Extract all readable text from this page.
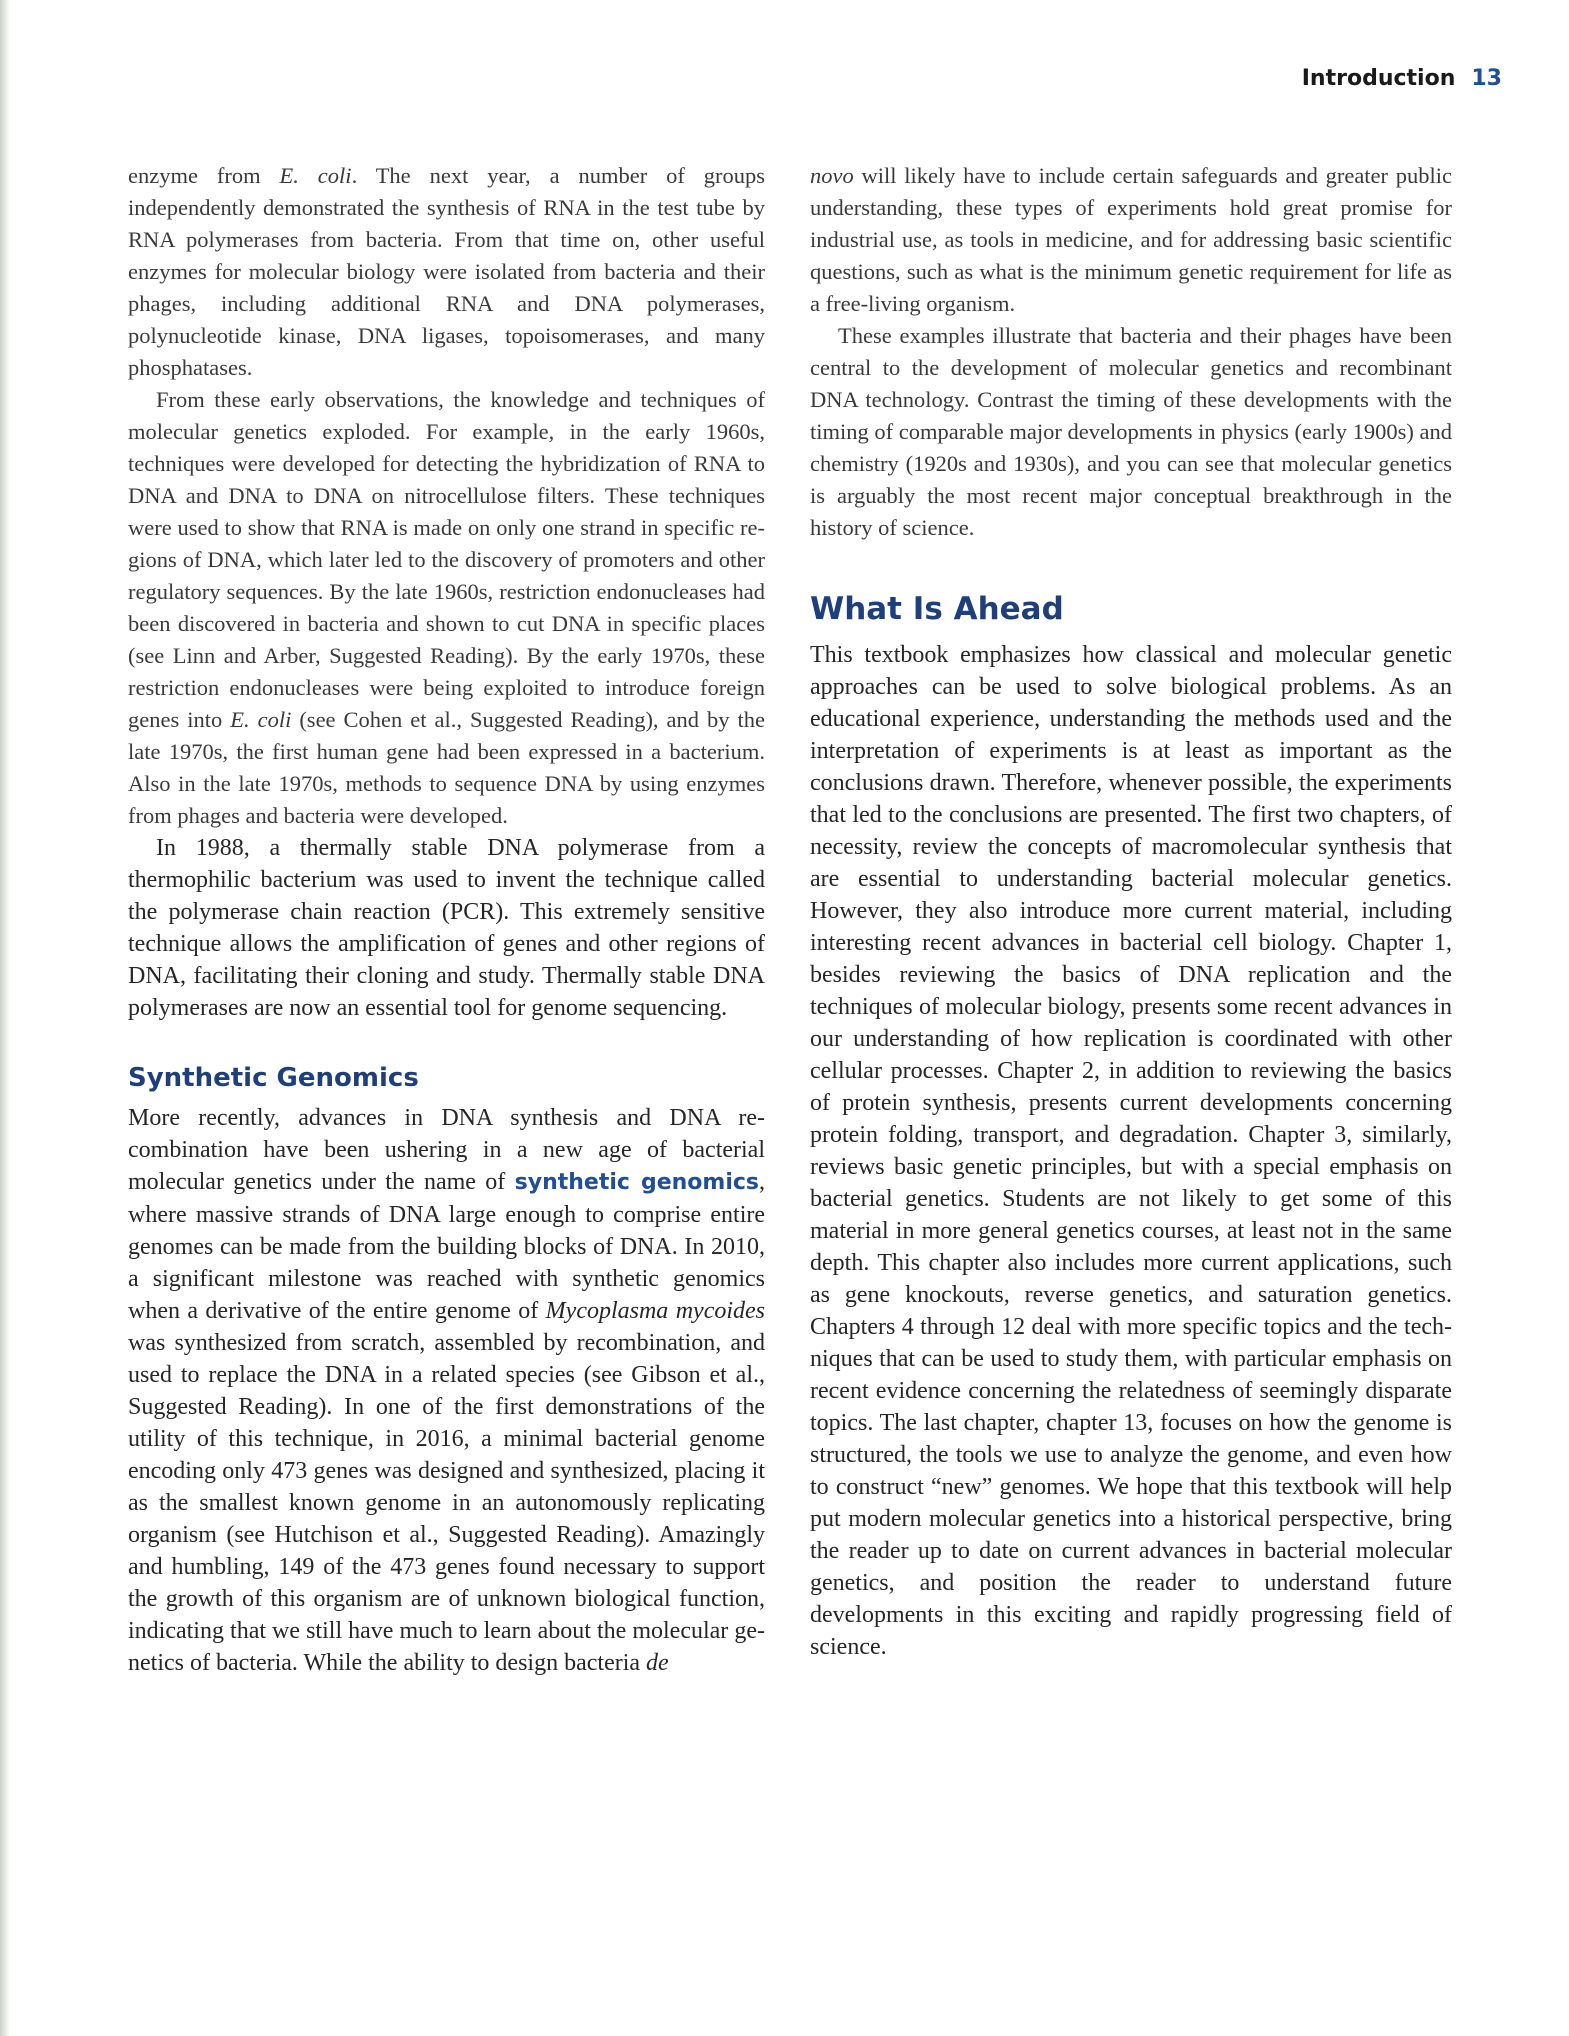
Introduction 13

enzyme from E. coli. The next year, a number of groups independently demonstrated the synthesis of RNA in the test tube by RNA polymerases from bacteria. From that time on, other useful enzymes for molecular biology were isolated from bacteria and their phages, including additional RNA and DNA polymerases, polynucleotide kinase, DNA ligases, topoisomerases, and many phosphatases.

From these early observations, the knowledge and techniques of molecular genetics exploded. For example, in the early 1960s, techniques were developed for detecting the hybridization of RNA to DNA and DNA to DNA on nitrocellulose filters. These techniques were used to show that RNA is made on only one strand in specific regions of DNA, which later led to the discovery of promoters and other regulatory sequences. By the late 1960s, restriction endonucleases had been discovered in bacteria and shown to cut DNA in specific places (see Linn and Arber, Suggested Reading). By the early 1970s, these restriction endonucleases were being exploited to introduce foreign genes into E. coli (see Cohen et al., Suggested Reading), and by the late 1970s, the first human gene had been expressed in a bacterium. Also in the late 1970s, methods to sequence DNA by using enzymes from phages and bacteria were developed.

In 1988, a thermally stable DNA polymerase from a thermophilic bacterium was used to invent the technique called the polymerase chain reaction (PCR). This extremely sensitive technique allows the amplification of genes and other regions of DNA, facilitating their cloning and study. Thermally stable DNA polymerases are now an essential tool for genome sequencing.

Synthetic Genomics

More recently, advances in DNA synthesis and DNA recombination have been ushering in a new age of bacterial molecular genetics under the name of synthetic genomics, where massive strands of DNA large enough to comprise entire genomes can be made from the building blocks of DNA. In 2010, a significant milestone was reached with synthetic genomics when a derivative of the entire genome of Mycoplasma mycoides was synthesized from scratch, assembled by recombination, and used to replace the DNA in a related species (see Gibson et al., Suggested Reading). In one of the first demonstrations of the utility of this technique, in 2016, a minimal bacterial genome encoding only 473 genes was designed and synthesized, placing it as the smallest known genome in an autonomously replicating organism (see Hutchison et al., Suggested Reading). Amazingly and humbling, 149 of the 473 genes found necessary to support the growth of this organism are of unknown biological function, indicating that we still have much to learn about the molecular genetics of bacteria. While the ability to design bacteria de

novo will likely have to include certain safeguards and greater public understanding, these types of experiments hold great promise for industrial use, as tools in medicine, and for addressing basic scientific questions, such as what is the minimum genetic requirement for life as a free-living organism.

These examples illustrate that bacteria and their phages have been central to the development of molecular genetics and recombinant DNA technology. Contrast the timing of these developments with the timing of comparable major developments in physics (early 1900s) and chemistry (1920s and 1930s), and you can see that molecular genetics is arguably the most recent major conceptual breakthrough in the history of science.

What Is Ahead

This textbook emphasizes how classical and molecular genetic approaches can be used to solve biological problems. As an educational experience, understanding the methods used and the interpretation of experiments is at least as important as the conclusions drawn. Therefore, whenever possible, the experiments that led to the conclusions are presented. The first two chapters, of necessity, review the concepts of macromolecular synthesis that are essential to understanding bacterial molecular genetics. However, they also introduce more current material, including interesting recent advances in bacterial cell biology. Chapter 1, besides reviewing the basics of DNA replication and the techniques of molecular biology, presents some recent advances in our understanding of how replication is coordinated with other cellular processes. Chapter 2, in addition to reviewing the basics of protein synthesis, presents current developments concerning protein folding, transport, and degradation. Chapter 3, similarly, reviews basic genetic principles, but with a special emphasis on bacterial genetics. Students are not likely to get some of this material in more general genetics courses, at least not in the same depth. This chapter also includes more current applications, such as gene knockouts, reverse genetics, and saturation genetics. Chapters 4 through 12 deal with more specific topics and the techniques that can be used to study them, with particular emphasis on recent evidence concerning the relatedness of seemingly disparate topics. The last chapter, chapter 13, focuses on how the genome is structured, the tools we use to analyze the genome, and even how to construct “new” genomes. We hope that this textbook will help put modern molecular genetics into a historical perspective, bring the reader up to date on current advances in bacterial molecular genetics, and position the reader to understand future developments in this exciting and rapidly progressing field of science.
